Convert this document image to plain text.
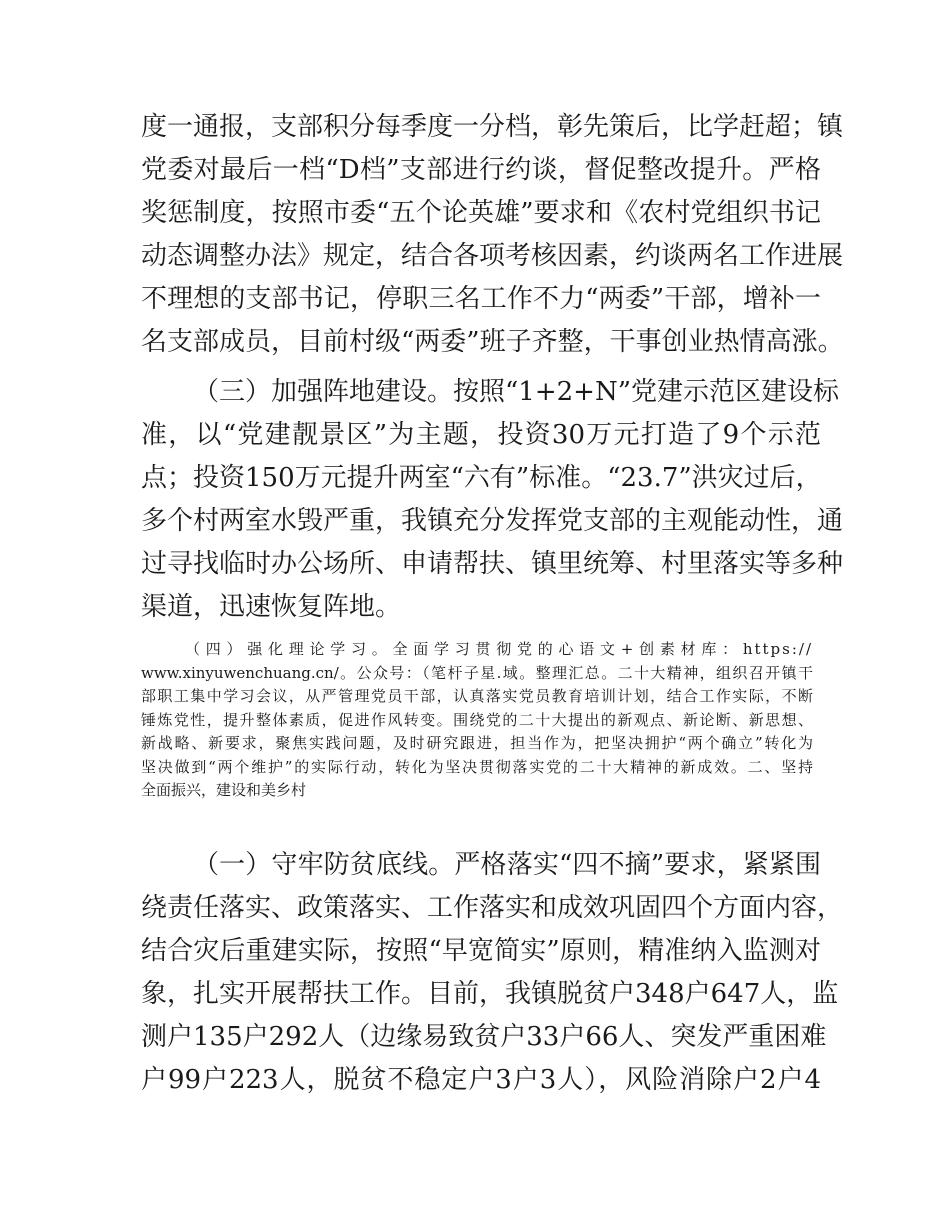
度一通报，支部积分每季度一分档，彰先策后，比学赶超；镇
党委对最后一档“D档”支部进行约谈，督促整改提升。严格
奖惩制度，按照市委“五个论英雄”要求和《农村党组织书记
动态调整办法》规定，结合各项考核因素，约谈两名工作进展
不理想的支部书记，停职三名工作不力“两委”干部，增补一
名支部成员，目前村级“两委”班子齐整，干事创业热情高涨。
（三）加强阵地建设。按照“1+2+N”党建示范区建设标
准，以“党建靓景区”为主题，投资30万元打造了9个示范
点；投资150万元提升两室“六有”标准。“23.7”洪灾过后，
多个村两室水毁严重，我镇充分发挥党支部的主观能动性，通
过寻找临时办公场所、申请帮扶、镇里统筹、村里落实等多种
渠道，迅速恢复阵地。
（四）强化理论学习。全面学习贯彻党的心语文+创素材库：https://
www.xinyuwenchuang.cn/。公众号：（笔杆子星.域。整理汇总。二十大精神，组织召开镇干
部职工集中学习会议，从严管理党员干部，认真落实党员教育培训计划，结合工作实际，不断
锤炼党性，提升整体素质，促进作风转变。围绕党的二十大提出的新观点、新论断、新思想、
新战略、新要求，聚焦实践问题，及时研究跟进，担当作为，把坚决拥护“两个确立”转化为
坚决做到“两个维护”的实际行动，转化为坚决贯彻落实党的二十大精神的新成效。二、坚持
全面振兴，建设和美乡村
（一）守牢防贫底线。严格落实“四不摘”要求，紧紧围
绕责任落实、政策落实、工作落实和成效巩固四个方面内容，
结合灾后重建实际，按照“早宽简实”原则，精准纳入监测对
象，扎实开展帮扶工作。目前，我镇脱贫户348户647人，监
测户135户292人（边缘易致贫户33户66人、突发严重困难
户99户223人，脱贫不稳定户3户3人），风险消除户2户4
